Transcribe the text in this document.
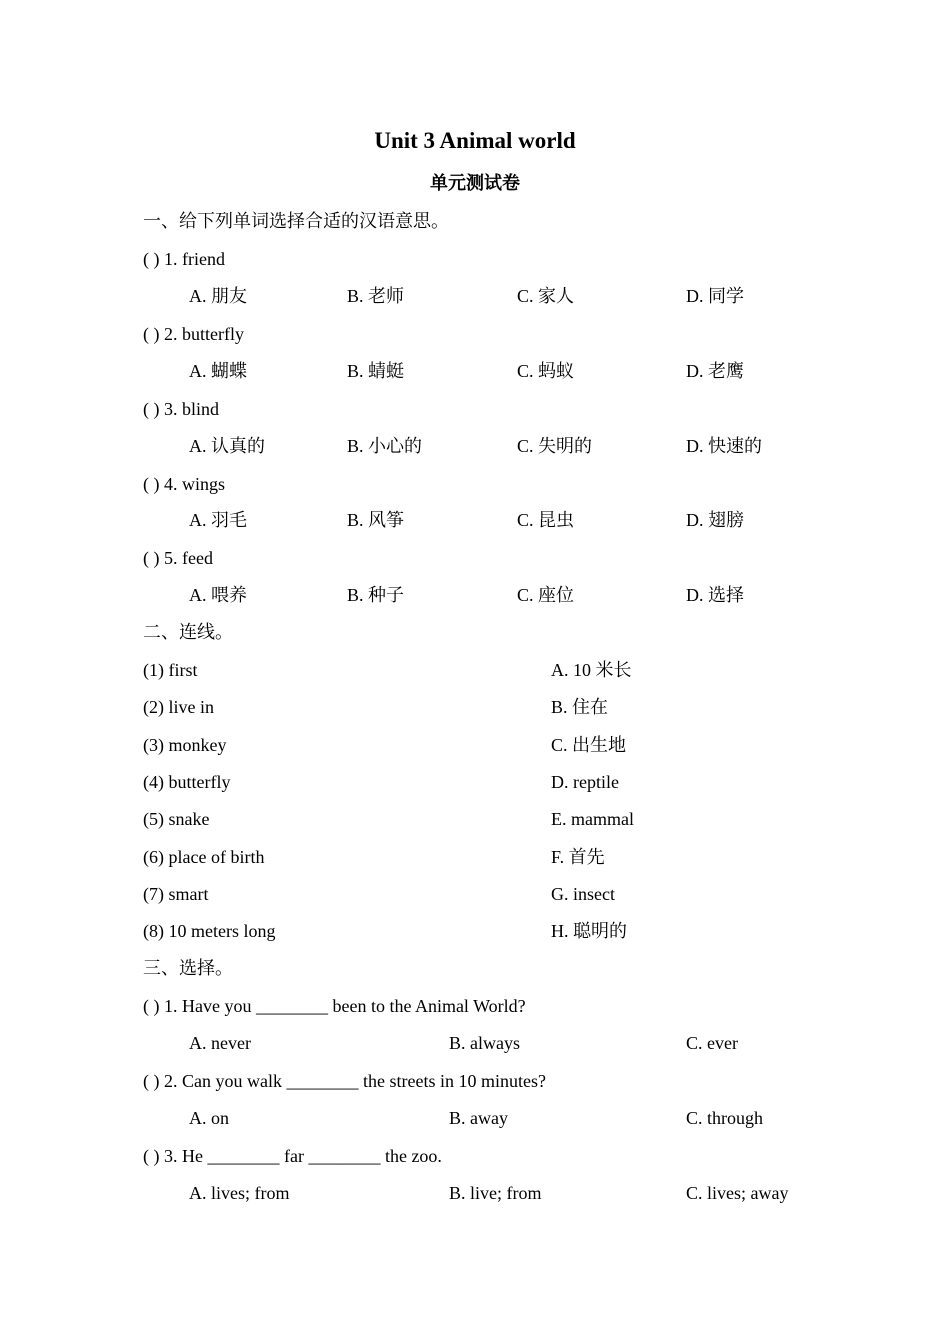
Unit 3 Animal world
单元测试卷
一、给下列单词选择合适的汉语意思。
( ) 1. friend
A. 朋友	B. 老师	C. 家人	D. 同学
( ) 2. butterfly
A. 蝴蝶	B. 蜻蜓	C. 蚂蚁	D. 老鹰
( ) 3. blind
A. 认真的	B. 小心的	C. 失明的	D. 快速的
( ) 4. wings
A. 羽毛	B. 风筝	C. 昆虫	D. 翅膀
( ) 5. feed
A. 喂养	B. 种子	C. 座位	D. 选择
二、连线。
(1) first	A. 10 米长
(2) live in	B. 住在
(3) monkey	C. 出生地
(4) butterfly	D. reptile
(5) snake	E. mammal
(6) place of birth	F. 首先
(7) smart	G. insect
(8) 10 meters long	H. 聪明的
三、选择。
( ) 1. Have you ________ been to the Animal World?
A. never	B. always	C. ever
( ) 2. Can you walk ________ the streets in 10 minutes?
A. on	B. away	C. through
( ) 3. He ________ far ________ the zoo.
A. lives; from	B. live; from	C. lives; away
